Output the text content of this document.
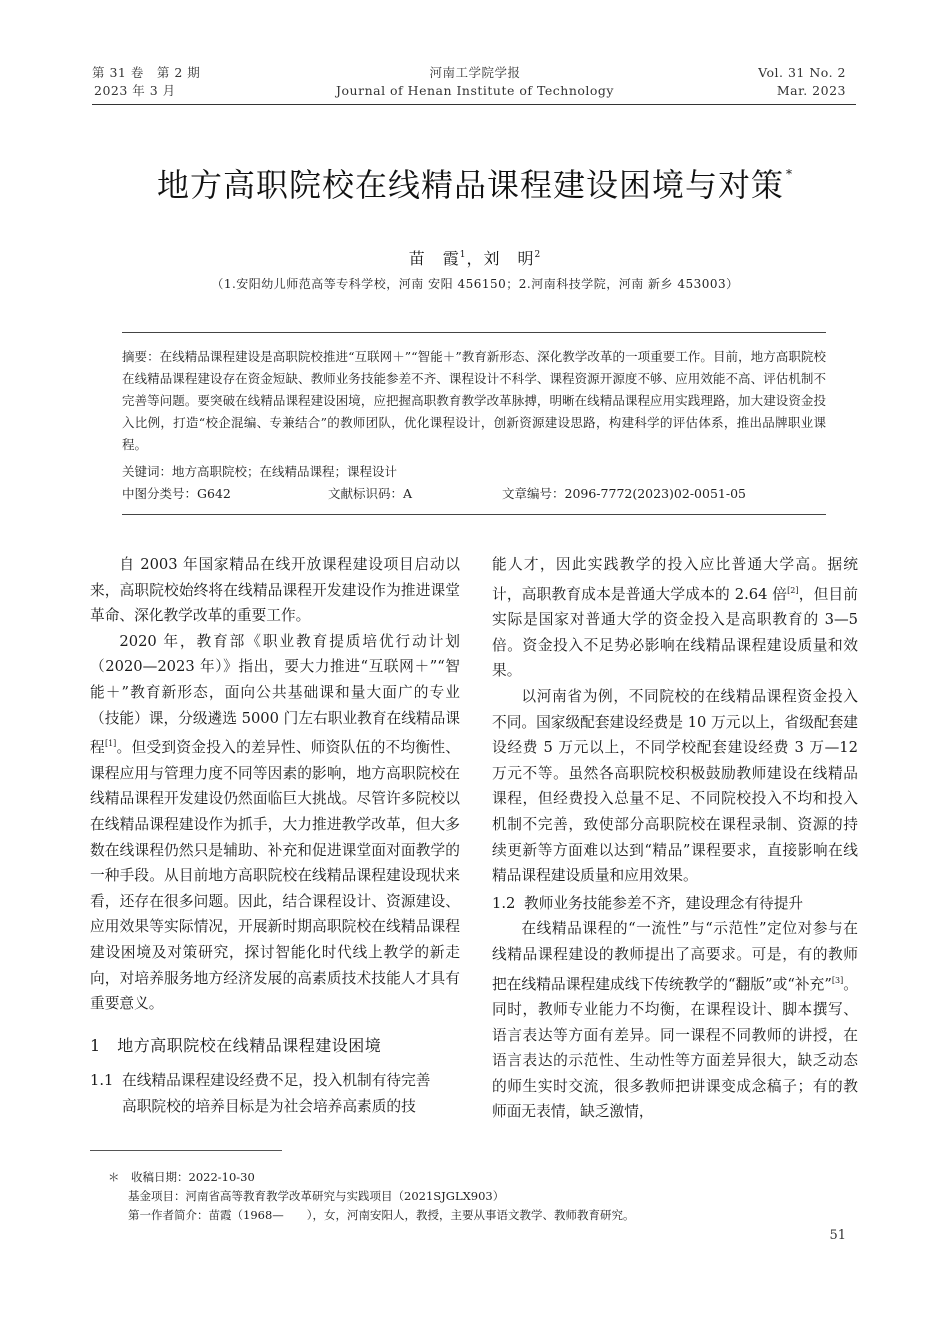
第 31 卷　第 2 期
2023 年 3 月
河南工学院学报
Journal of Henan Institute of Technology
Vol. 31 No. 2
Mar. 2023
地方高职院校在线精品课程建设困境与对策 *
苗　霞$^1$，刘　明$^2$
（1.安阳幼儿师范高等专科学校，河南 安阳 456150；2.河南科技学院，河南 新乡 453003）
摘要：在线精品课程建设是高职院校推进“互联网＋”“智能＋”教育新形态、深化教学改革的一项重要工作。目前，地方高职院校在线精品课程建设存在资金短缺、教师业务技能参差不齐、课程设计不科学、课程资源开源度不够、应用效能不高、评估机制不完善等问题。要突破在线精品课程建设困境，应把握高职教育教学改革脉搏，明晰在线精品课程应用实践理路，加大建设资金投入比例，打造“校企混编、专兼结合”的教师团队，优化课程设计，创新资源建设思路，构建科学的评估体系，推出品牌职业课程。
关键词：地方高职院校；在线精品课程；课程设计
中图分类号：G642	文献标识码：A	文章编号：2096-7772(2023)02-0051-05

自 2003 年国家精品在线开放课程建设项目启动以来，高职院校始终将在线精品课程开发建设作为推进课堂革命、深化教学改革的重要工作。

2020 年，教育部《职业教育提质培优行动计划（2020—2023 年）》指出，要大力推进“互联网＋”“智能＋”教育新形态，面向公共基础课和量大面广的专业（技能）课，分级遴选 5000 门左右职业教育在线精品课程[1]。但受到资金投入的差异性、师资队伍的不均衡性、课程应用与管理力度不同等因素的影响，地方高职院校在线精品课程开发建设仍然面临巨大挑战。尽管许多院校以在线精品课程建设作为抓手，大力推进教学改革，但大多数在线课程仍然只是辅助、补充和促进课堂面对面教学的一种手段。从目前地方高职院校在线精品课程建设现状来看，还存在很多问题。因此，结合课程设计、资源建设、应用效果等实际情况，开展新时期高职院校在线精品课程建设困境及对策研究，探讨智能化时代线上教学的新走向，对培养服务地方经济发展的高素质技术技能人才具有重要意义。

1　 地方高职院校在线精品课程建设困境

1.1 在线精品课程建设经费不足，投入机制有待完善

高职院校的培养目标是为社会培养高素质的技

能人才，因此实践教学的投入应比普通大学高。据统计，高职教育成本是普通大学成本的 2.64 倍[2]，但目前实际是国家对普通大学的资金投入是高职教育的 3—5 倍。资金投入不足势必影响在线精品课程建设质量和效果。

以河南省为例，不同院校的在线精品课程资金投入不同。国家级配套建设经费是 10 万元以上，省级配套建设经费 5 万元以上，不同学校配套建设经费 3 万—12 万元不等。虽然各高职院校积极鼓励教师建设在线精品课程，但经费投入总量不足、不同院校投入不均和投入机制不完善，致使部分高职院校在课程录制、资源的持续更新等方面难以达到“精品”课程要求，直接影响在线精品课程建设质量和应用效果。

1.2 教师业务技能参差不齐，建设理念有待提升

在线精品课程的“一流性”与“示范性”定位对参与在线精品课程建设的教师提出了高要求。可是，有的教师把在线精品课程建成线下传统教学的“翻版”或“补充”[3]。同时，教师专业能力不均衡，在课程设计、脚本撰写、语言表达等方面有差异。同一课程不同教师的讲授，在语言表达的示范性、生动性等方面差异很大，缺乏动态的师生实时交流，很多教师把讲课变成念稿子；有的教师面无表情，缺乏激情，

＊　收稿日期：2022-10-30
基金项目：河南省高等教育教学改革研究与实践项目（2021SJGLX903）
第一作者简介：苗霞（1968—　　），女，河南安阳人，教授，主要从事语文教学、教师教育研究。
51
